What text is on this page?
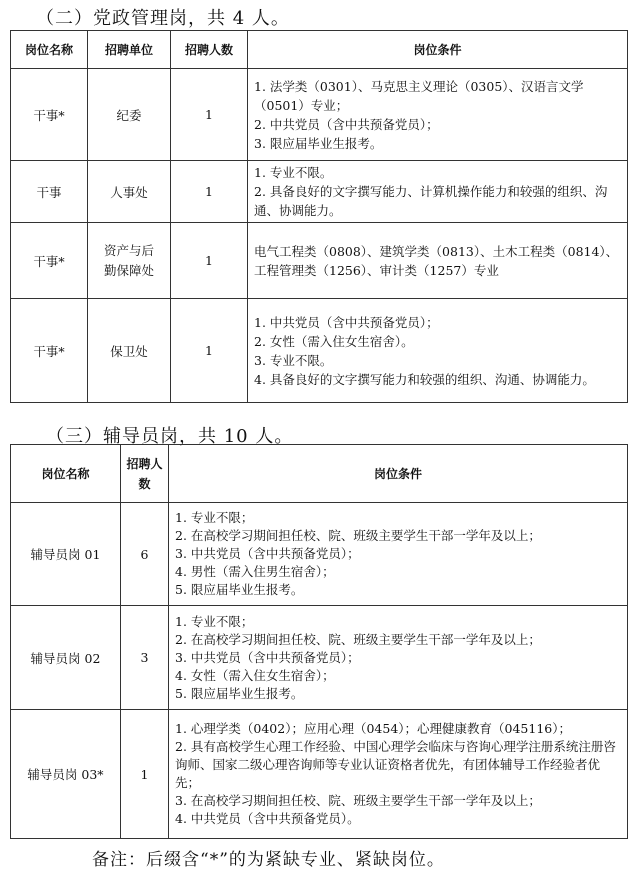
（二）党政管理岗，共 4 人。
岗位名称	招聘单位	招聘人数	岗位条件
干事*	纪委	1	1. 法学类（0301）、马克思主义理论（0305）、汉语言文学（0501）专业；
2. 中共党员（含中共预备党员）；
3. 限应届毕业生报考。

干事	人事处	1	1. 专业不限。
2. 具备良好的文字撰写能力、计算机操作能力和较强的组织、沟通、协调能力。

干事*	资产与后勤保障处	1	电气工程类（0808）、建筑学类（0813）、土木工程类（0814）、工程管理类（1256）、审计类（1257）专业

干事*	保卫处	1	1. 中共党员（含中共预备党员）；
2. 女性（需入住女生宿舍）。
3. 专业不限。
4. 具备良好的文字撰写能力和较强的组织、沟通、协调能力。
（三）辅导员岗，共 10 人。
岗位名称	招聘人数	岗位条件
辅导员岗 01	6	1. 专业不限；
2. 在高校学习期间担任校、院、班级主要学生干部一学年及以上；
3. 中共党员（含中共预备党员）；
4. 男性（需入住男生宿舍）；
5. 限应届毕业生报考。

辅导员岗 02	3	1. 专业不限；
2. 在高校学习期间担任校、院、班级主要学生干部一学年及以上；
3. 中共党员（含中共预备党员）；
4. 女性（需入住女生宿舍）；
5. 限应届毕业生报考。

辅导员岗 03*	1	1. 心理学类（0402）；应用心理（0454）；心理健康教育（045116）；
2. 具有高校学生心理工作经验、中国心理学会临床与咨询心理学注册系统注册咨询师、国家二级心理咨询师等专业认证资格者优先，有团体辅导工作经验者优先；
3. 在高校学习期间担任校、院、班级主要学生干部一学年及以上；
4. 中共党员（含中共预备党员）。
备注：后缀含“*”的为紧缺专业、紧缺岗位。
